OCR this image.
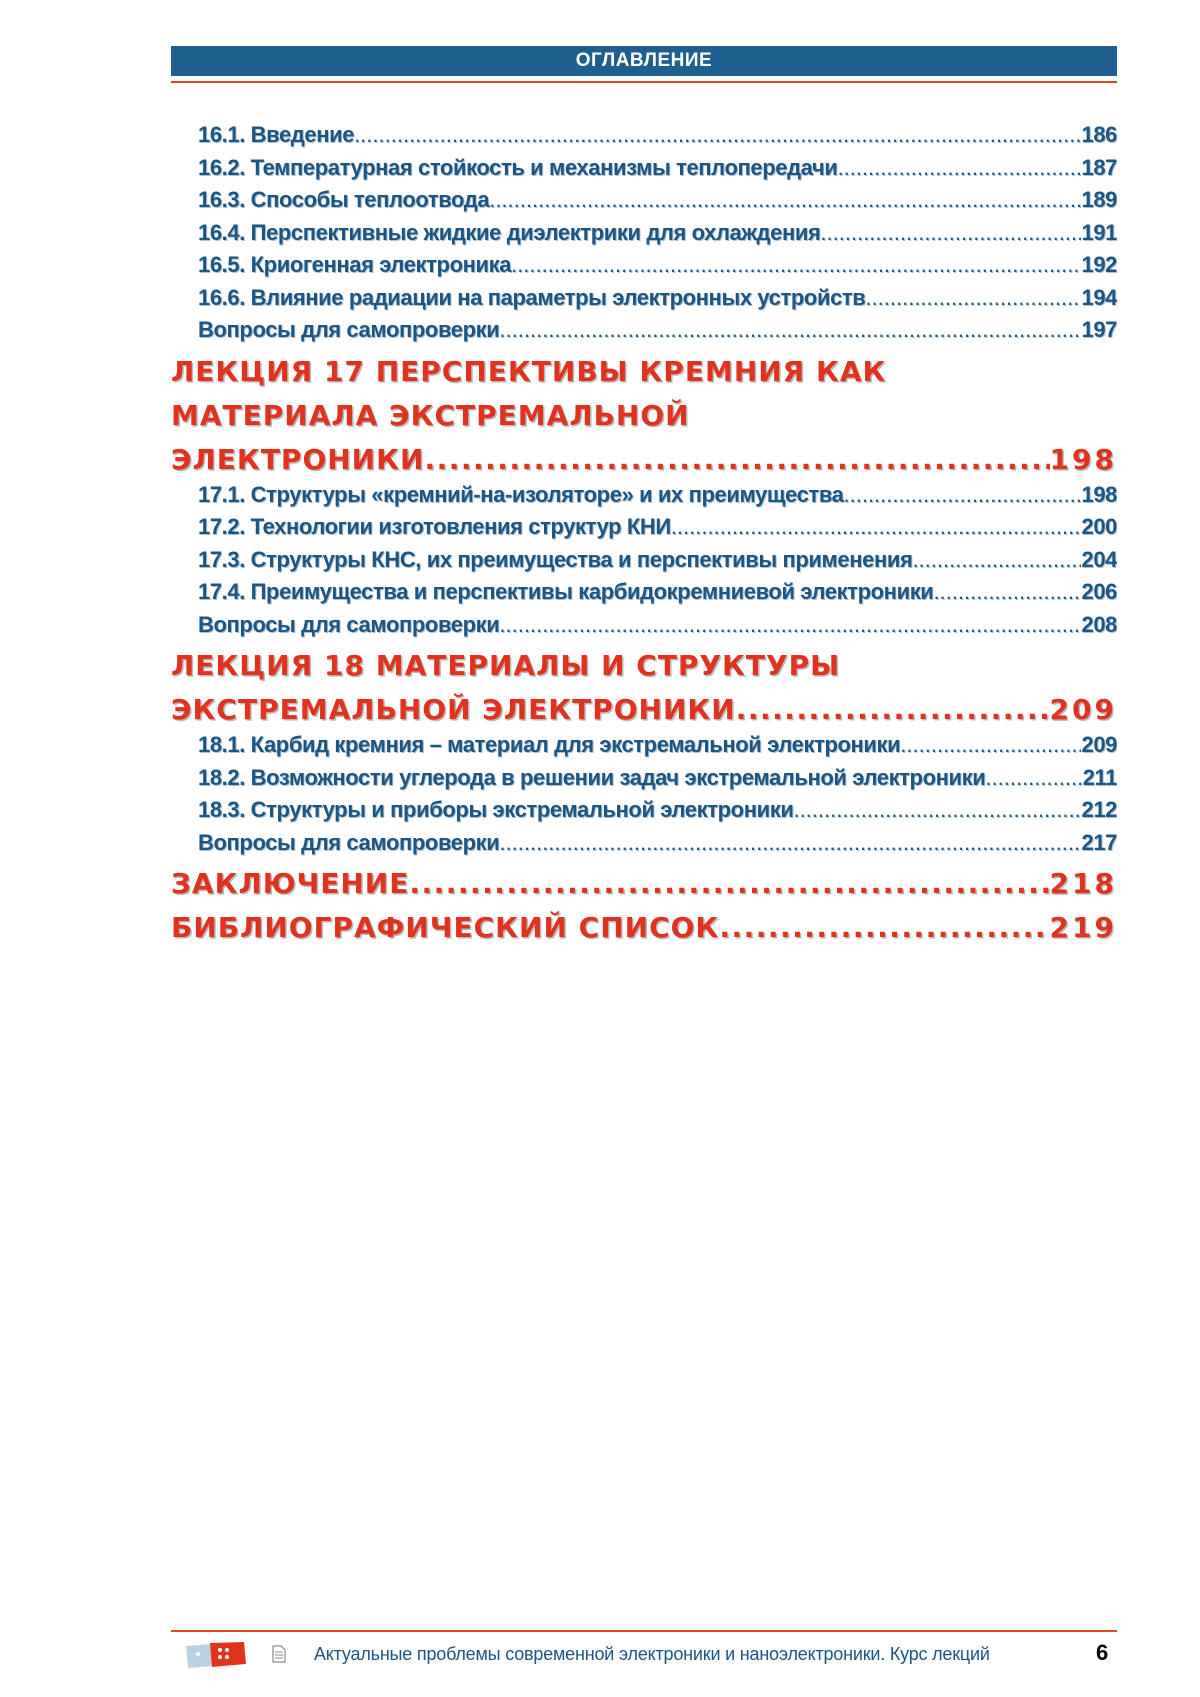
ОГЛАВЛЕНИЕ
16.1. Введение .....	186
16.2. Температурная стойкость и механизмы теплопередачи .....	187
16.3. Способы теплоотвода .....	189
16.4. Перспективные жидкие диэлектрики для охлаждения .....	191
16.5. Криогенная электроника .....	192
16.6. Влияние радиации на параметры электронных устройств .....	194
Вопросы для самопроверки .....	197
ЛЕКЦИЯ 17 ПЕРСПЕКТИВЫ КРЕМНИЯ КАК
МАТЕРИАЛА ЭКСТРЕМАЛЬНОЙ
ЭЛЕКТРОНИКИ .....	198
17.1. Структуры «кремний-на-изоляторе» и их преимущества .....	198
17.2. Технологии изготовления структур КНИ .....	200
17.3. Структуры КНС, их преимущества и перспективы применения .....	204
17.4. Преимущества и перспективы карбидокремниевой электроники .....	206
Вопросы для самопроверки .....	208
ЛЕКЦИЯ 18 МАТЕРИАЛЫ И СТРУКТУРЫ
ЭКСТРЕМАЛЬНОЙ ЭЛЕКТРОНИКИ .....	209
18.1. Карбид кремния – материал для экстремальной электроники .....	209
18.2. Возможности углерода в решении задач экстремальной электроники .....	211
18.3. Структуры и приборы экстремальной электроники .....	212
Вопросы для самопроверки .....	217
ЗАКЛЮЧЕНИЕ .....	218
БИБЛИОГРАФИЧЕСКИЙ СПИСОК .....	219
Актуальные проблемы современной электроники и наноэлектроники. Курс лекций	6
